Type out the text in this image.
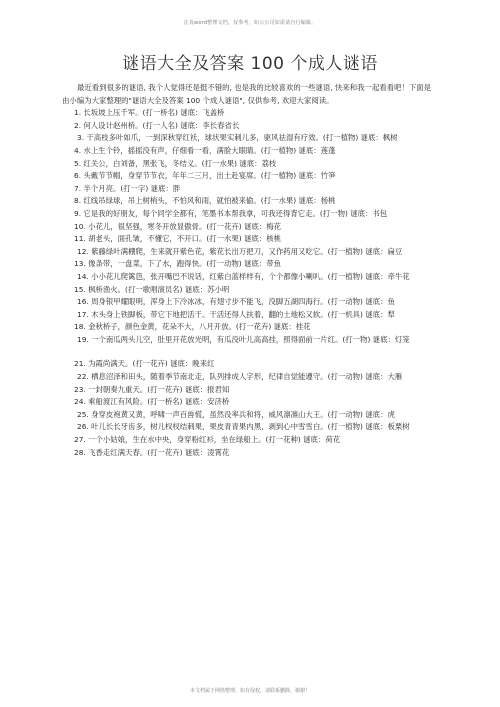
注真word整理文档，仅参考，如云公司如需请自行编辑。
谜语大全及答案 100 个成人谜语

最近看到很多的谜语, 我个人觉得还是挺不错的, 也是我的比较喜欢的一些谜语, 快来和我一起看看吧！下面是由小编为大家整理的"谜语大全及答案 100 个成人谜语", 仅供参考, 欢迎大家阅读。

1. 长坂坡上压千军。(打一桥名) 谜底：飞盖桥

2. 何人设计赵州桥。(打一人名) 谜底：李长春省长

3. 干高枝多叶如爪，一到深秋穿红袄，球状果实刺儿多，驱风祛湿有疗效。(打一植物) 谜底：枫树

4. 水上生个铃，摇摇没有声，仔细看一看，满脸大眼睛。(打一植物) 谜底：莲蓬

5. 红关公，白刘备，黑张飞，冬结义。(打一水果) 谜底：荔枝

6. 头戴节节帽，身穿节节衣，年年二三月，出土赴宴席。(打一植物) 谜底：竹笋

7. 半个月亮。(打一字) 谜底：胖

8. 红线吊绿球，吊上树梢头，不怕风和雨，就怕被来偷。(打一水果) 谜底：杨桃

9. 它是我的好朋友，每个同学全都有，笔墨书本帮我拿，可我还得背它走。(打一物) 谜底：书包

10. 小花儿，很坚强，寒冬开放显傲骨。(打一花卉) 谜底：梅花

11. 胡老头，面孔皱，不懂它，不开口。(打一水果) 谜底：核桃

12. 紫藤绿叶满棚爬，生来就开紫色花，紫花长出万把刀，又作药用又吃它。(打一植物) 谜底：扁豆

13. 像条带，一盘菜，下了水，跑得快。(打一动物) 谜底：带鱼

14. 小小花儿爬篱笆，张开嘴巴不说话，红紫白蓝样样有，个个都像小喇叭。(打一植物) 谜底：牵牛花

15. 枫桥渔火。(打一歌唱演员名) 谜底：苏小明

16. 周身银甲耀眼明，浑身上下冷冰冰，有翅寸步不能飞，没脚五湖四海行。(打一动物) 谜底：鱼

17. 木头身上铁脚板，带它下地把活干。干活还得人扶着，翻的土地松又软。(打一机具) 谜底：犁

18. 金秋桥子，颜色金黄，花朵不大，八月开放。(打一花卉) 谜底：桂花

19. 一个南瓜两头儿空，肚里开花放光明，有瓜没叶儿高高挂，照得面前一片红。(打一物) 谜底：灯笼

21. 为霞尚满天。(打一花卉) 谜底：晚来红

22. 栖息沼泽和田头，随着季节南北走，队列排成人字形，纪律自觉能遵守。(打一动物) 谜底：大雁

23. 一封朝奏九重天。(打一花卉) 谜底：报君知

24. 乘船渡江有风险。(打一桥名) 谜底：安济桥

25. 身穿皮袍黄又黄，呼啸一声百兽慌，虽然没率兵和将，威风凛凛山大王。(打一动物) 谜底：虎

26. 叶儿长长牙齿多，树儿杈杈结刺果，果皮青青果内黑，剥到心中雪雪白。(打一植物) 谜底：板栗树

27. 一个小姑娘，生在水中央，身穿粉红衫，坐在绿船上。(打一花种) 谜底：荷花

28. 飞香走红满天春。(打一花卉) 谜底：凌霄花

本文档属于网络整理，如有侵权，请联系删除，谢谢！
